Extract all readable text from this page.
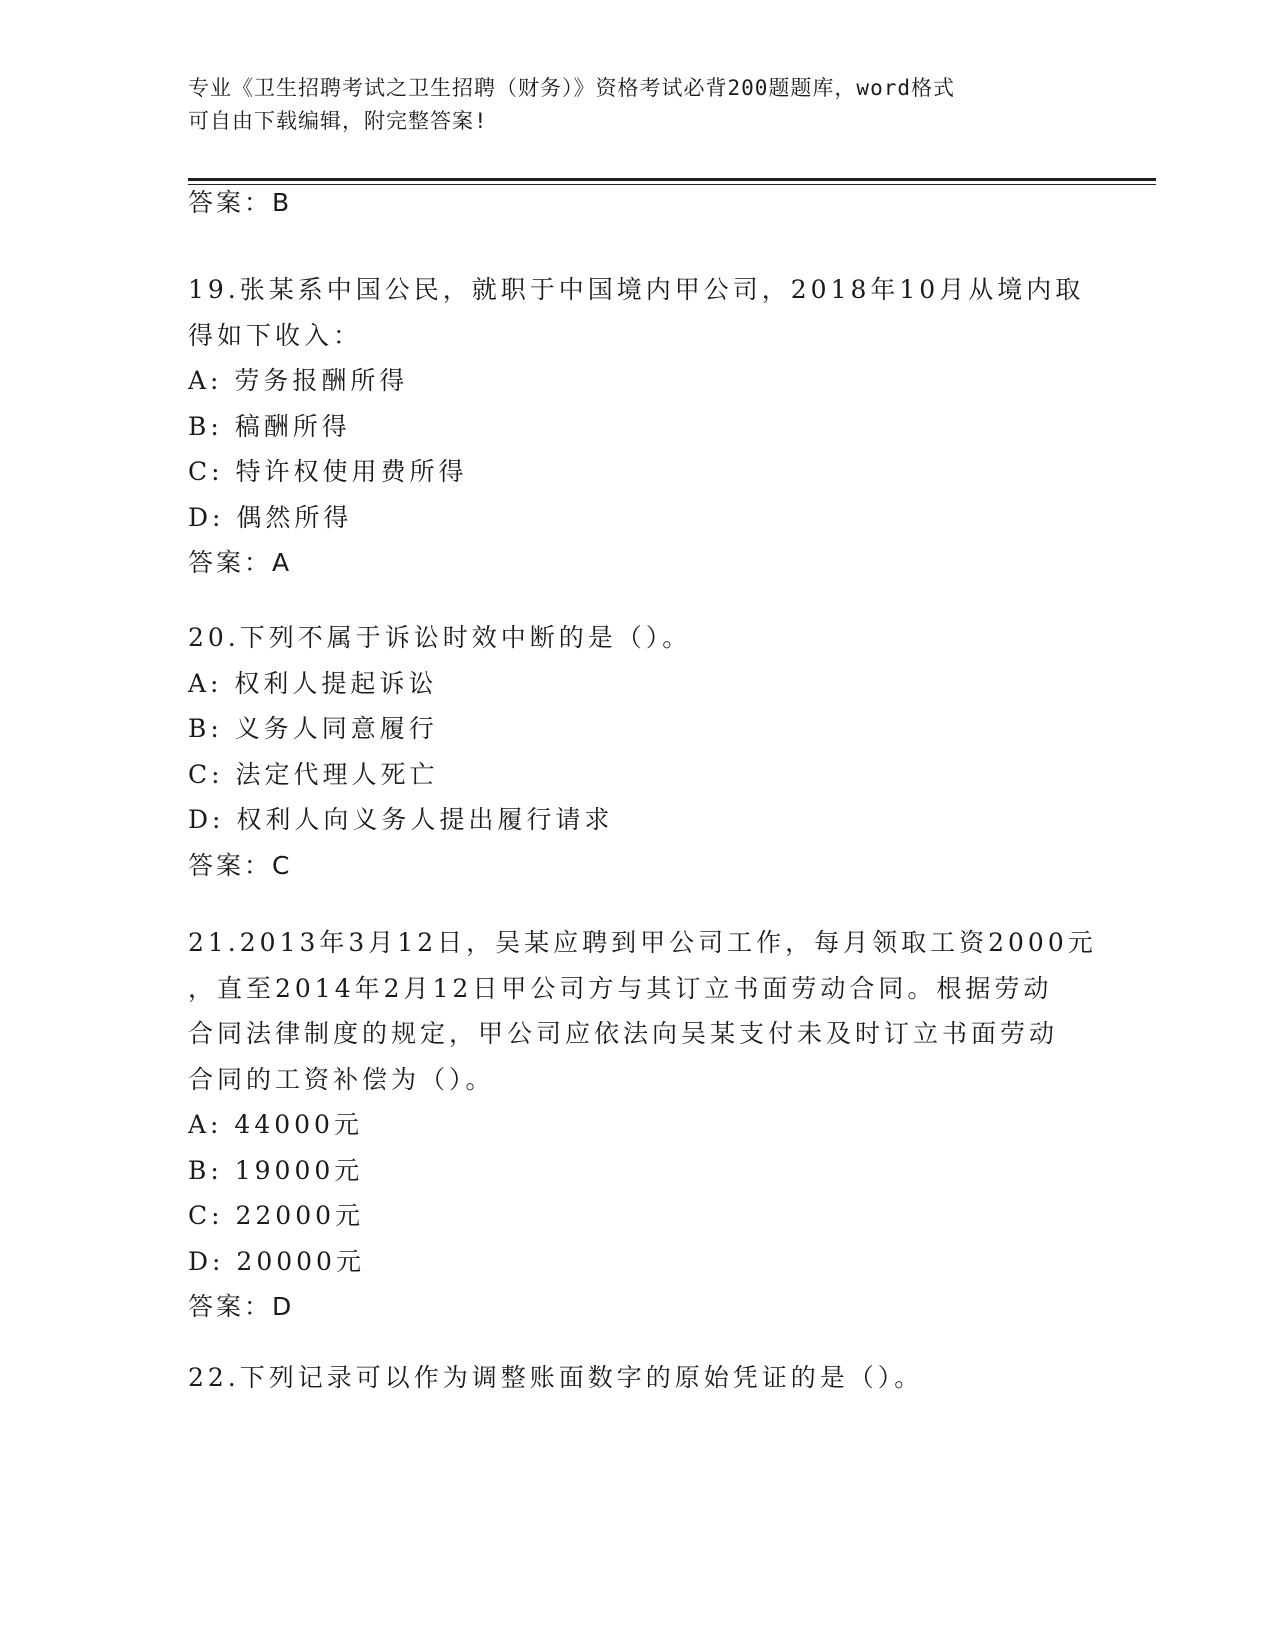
专业《卫生招聘考试之卫生招聘（财务）》资格考试必背200题题库，word格式
可自由下载编辑，附完整答案!
答案：B
19.张某系中国公民，就职于中国境内甲公司，2018年10月从境内取
得如下收入：
A: 劳务报酬所得
B: 稿酬所得
C: 特许权使用费所得
D: 偶然所得
答案：A
20.下列不属于诉讼时效中断的是（）。
A: 权利人提起诉讼
B: 义务人同意履行
C: 法定代理人死亡
D: 权利人向义务人提出履行请求
答案：C
21.2013年3月12日，吴某应聘到甲公司工作，每月领取工资2000元
，直至2014年2月12日甲公司方与其订立书面劳动合同。根据劳动
合同法律制度的规定，甲公司应依法向吴某支付未及时订立书面劳动
合同的工资补偿为（）。
A: 44000元
B: 19000元
C: 22000元
D: 20000元
答案：D
22.下列记录可以作为调整账面数字的原始凭证的是（）。
